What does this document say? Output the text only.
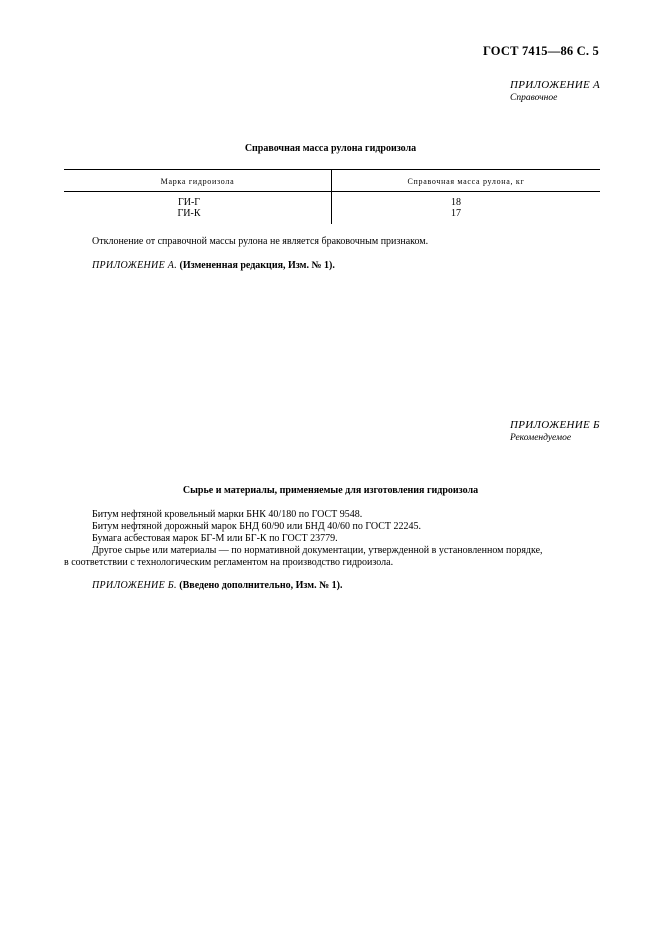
ГОСТ 7415—86 С. 5
ПРИЛОЖЕНИЕ А
Справочное
Справочная масса рулона гидроизола
Марка гидроизола	Справочная масса рулона, кг
ГИ-Г	18
ГИ-К	17
Отклонение от справочной массы рулона не является браковочным признаком.
ПРИЛОЖЕНИЕ А. (Измененная редакция, Изм. № 1).
ПРИЛОЖЕНИЕ Б
Рекомендуемое
Сырье и материалы, применяемые для изготовления гидроизола
Битум нефтяной кровельный марки БНК 40/180 по ГОСТ 9548.
Битум нефтяной дорожный марок БНД 60/90 или БНД 40/60 по ГОСТ 22245.
Бумага асбестовая марок БГ-М или БГ-К по ГОСТ 23779.
Другое сырье или материалы — по нормативной документации, утвержденной в установленном порядке,
в соответствии с технологическим регламентом на производство гидроизола.
ПРИЛОЖЕНИЕ Б. (Введено дополнительно, Изм. № 1).
